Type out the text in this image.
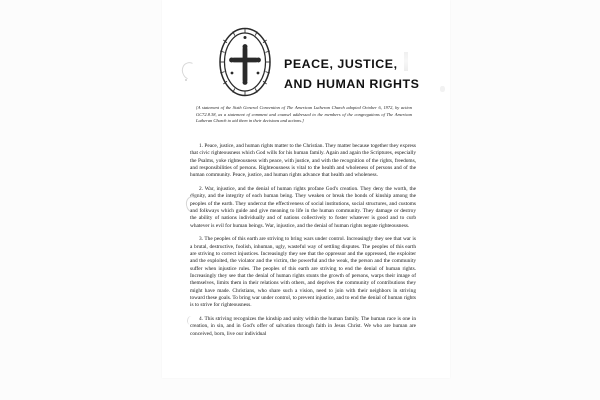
PEACE, JUSTICE,
AND HUMAN RIGHTS
[A statement of the Sixth General Convention of The American Lutheran Church adopted October 6, 1972, by action GC72.8.38, as a statement of comment and counsel addressed to the members of the congregations of The American Lutheran Church to aid them in their decisions and actions.]

1. Peace, justice, and human rights matter to the Christian. They matter because together they express that civic righteousness which God wills for his human family. Again and again the Scriptures, especially the Psalms, yoke righteousness with peace, with justice, and with the recognition of the rights, freedoms, and responsibilities of persons. Righteousness is vital to the health and wholeness of persons and of the human community. Peace, justice, and human rights advance that health and wholeness.

2. War, injustice, and the denial of human rights profane God's creation. They deny the worth, the dignity, and the integrity of each human being. They weaken or break the bonds of kinship among the peoples of the earth. They undercut the effectiveness of social institutions, social structures, and customs and folkways which guide and give meaning to life in the human community. They damage or destroy the ability of nations individually and of nations collectively to foster whatever is good and to curb whatever is evil for human beings. War, injustice, and the denial of human rights negate righteousness.

3. The peoples of this earth are striving to bring wars under control. Increasingly they see that war is a brutal, destructive, foolish, inhuman, ugly, wasteful way of settling disputes. The peoples of this earth are striving to correct injustices. Increasingly they see that the oppressor and the oppressed, the exploiter and the exploited, the violator and the victim, the powerful and the weak, the person and the community suffer when injustice rules. The peoples of this earth are striving to end the denial of human rights. Increasingly they see that the denial of human rights stunts the growth of persons, warps their image of themselves, limits them in their relations with others, and deprives the community of contributions they might have made. Christians, who share such a vision, need to join with their neighbors in striving toward these goals. To bring war under control, to prevent injustice, and to end the denial of human rights is to strive for righteousness.

4. This striving recognizes the kinship and unity within the human family. The human race is one in creation, in sin, and in God's offer of salvation through faith in Jesus Christ. We who are human are conceived, born, live our individual
